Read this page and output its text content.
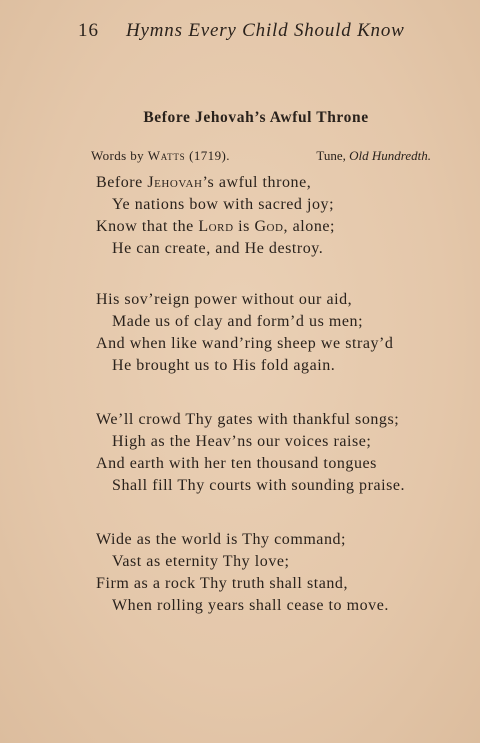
16 Hymns Every Child Should Know
Before Jehovah’s Awful Throne
Words by Watts (1719).	Tune, Old Hundredth.
Before Jehovah’s awful throne,
Ye nations bow with sacred joy;
Know that the Lord is God, alone;
He can create, and He destroy.
His sov’reign power without our aid,
Made us of clay and form’d us men;
And when like wand’ring sheep we stray’d
He brought us to His fold again.
We’ll crowd Thy gates with thankful songs;
High as the Heav’ns our voices raise;
And earth with her ten thousand tongues
Shall fill Thy courts with sounding praise.
Wide as the world is Thy command;
Vast as eternity Thy love;
Firm as a rock Thy truth shall stand,
When rolling years shall cease to move.
